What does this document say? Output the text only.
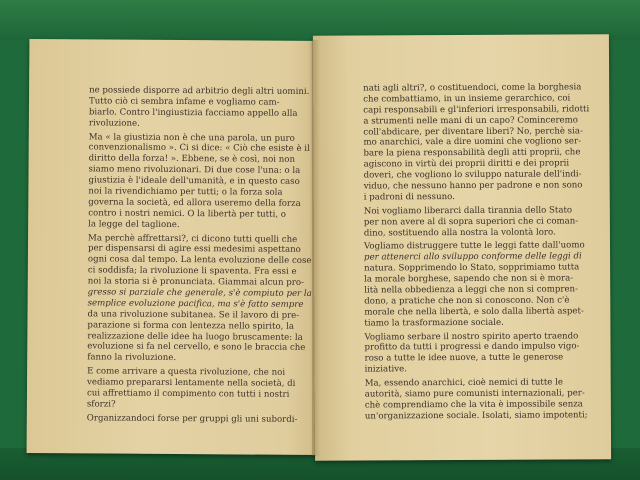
ne possiede disporre ad arbitrio degli altri uomini.
Tutto ciò ci sembra infame e vogliamo cam-
biarlo. Contro l'ingiustizia facciamo appello alla
rivoluzione.
Ma « la giustizia non è che una parola, un puro
convenzionalismo ». Ci si dice: « Ciò che esiste è il
diritto della forza! ». Ebbene, se è così, noi non
siamo meno rivoluzionari. Di due cose l'una: o la
giustizia è l'ideale dell'umanità, e in questo caso
noi la rivendichiamo per tutti; o la forza sola
governa la società, ed allora useremo della forza
contro i nostri nemici. O la libertà per tutti, o
la legge del taglione.
Ma perchè affrettarsi?, ci dicono tutti quelli che
per dispensarsi di agire essi medesimi aspettano
ogni cosa dal tempo. La lenta evoluzione delle cose
ci soddisfa; la rivoluzione li spaventa. Fra essi e
noi la storia si è pronunciata. Giammai alcun pro-
gresso si parziale che generale, s'è compiuto per la
semplice evoluzione pacifica, ma s'è fatto sempre
da una rivoluzione subitanea. Se il lavoro di pre-
parazione si forma con lentezza nello spirito, la
realizzazione delle idee ha luogo bruscamente: la
evoluzione si fa nel cervello, e sono le braccia che
fanno la rivoluzione.
E come arrivare a questa rivoluzione, che noi
vediamo prepararsi lentamente nella società, di
cui affrettiamo il compimento con tutti i nostri
sforzi?
Organizzandoci forse per gruppi gli uni subordi-
nati agli altri?, o costituendoci, come la borghesia
che combattiamo, in un insieme gerarchico, coi
capi responsabili e gl'inferiori irresponsabili, ridotti
a strumenti nelle mani di un capo? Cominceremo
coll'abdicare, per diventare liberi? No, perchè sia-
mo anarchici, vale a dire uomini che vogliono ser-
bare la piena responsabilità degli atti proprii, che
agiscono in virtù dei proprii diritti e dei proprii
doveri, che vogliono lo sviluppo naturale dell'indi-
viduo, che nessuno hanno per padrone e non sono
i padroni di nessuno.
Noi vogliamo liberarci dalla tirannia dello Stato
per non avere al di sopra superiori che ci coman-
dino, sostituendo alla nostra la volontà loro.
Vogliamo distruggere tutte le leggi fatte dall'uomo
per attenerci allo sviluppo conforme delle leggi di
natura. Sopprimendo lo Stato, sopprimiamo tutta
la morale borghese, sapendo che non si è mora-
lità nella obbedienza a leggi che non si compren-
dono, a pratiche che non si conoscono. Non c'è
morale che nella libertà, e solo dalla libertà aspet-
tiamo la trasformazione sociale.
Vogliamo serbare il nostro spirito aperto traendo
profitto da tutti i progressi e dando impulso vigo-
roso a tutte le idee nuove, a tutte le generose
iniziative.
Ma, essendo anarchici, cioè nemici di tutte le
autorità, siamo pure comunisti internazionali, per-
chè comprendiamo che la vita è impossibile senza
un'organizzazione sociale. Isolati, siamo impotenti;
